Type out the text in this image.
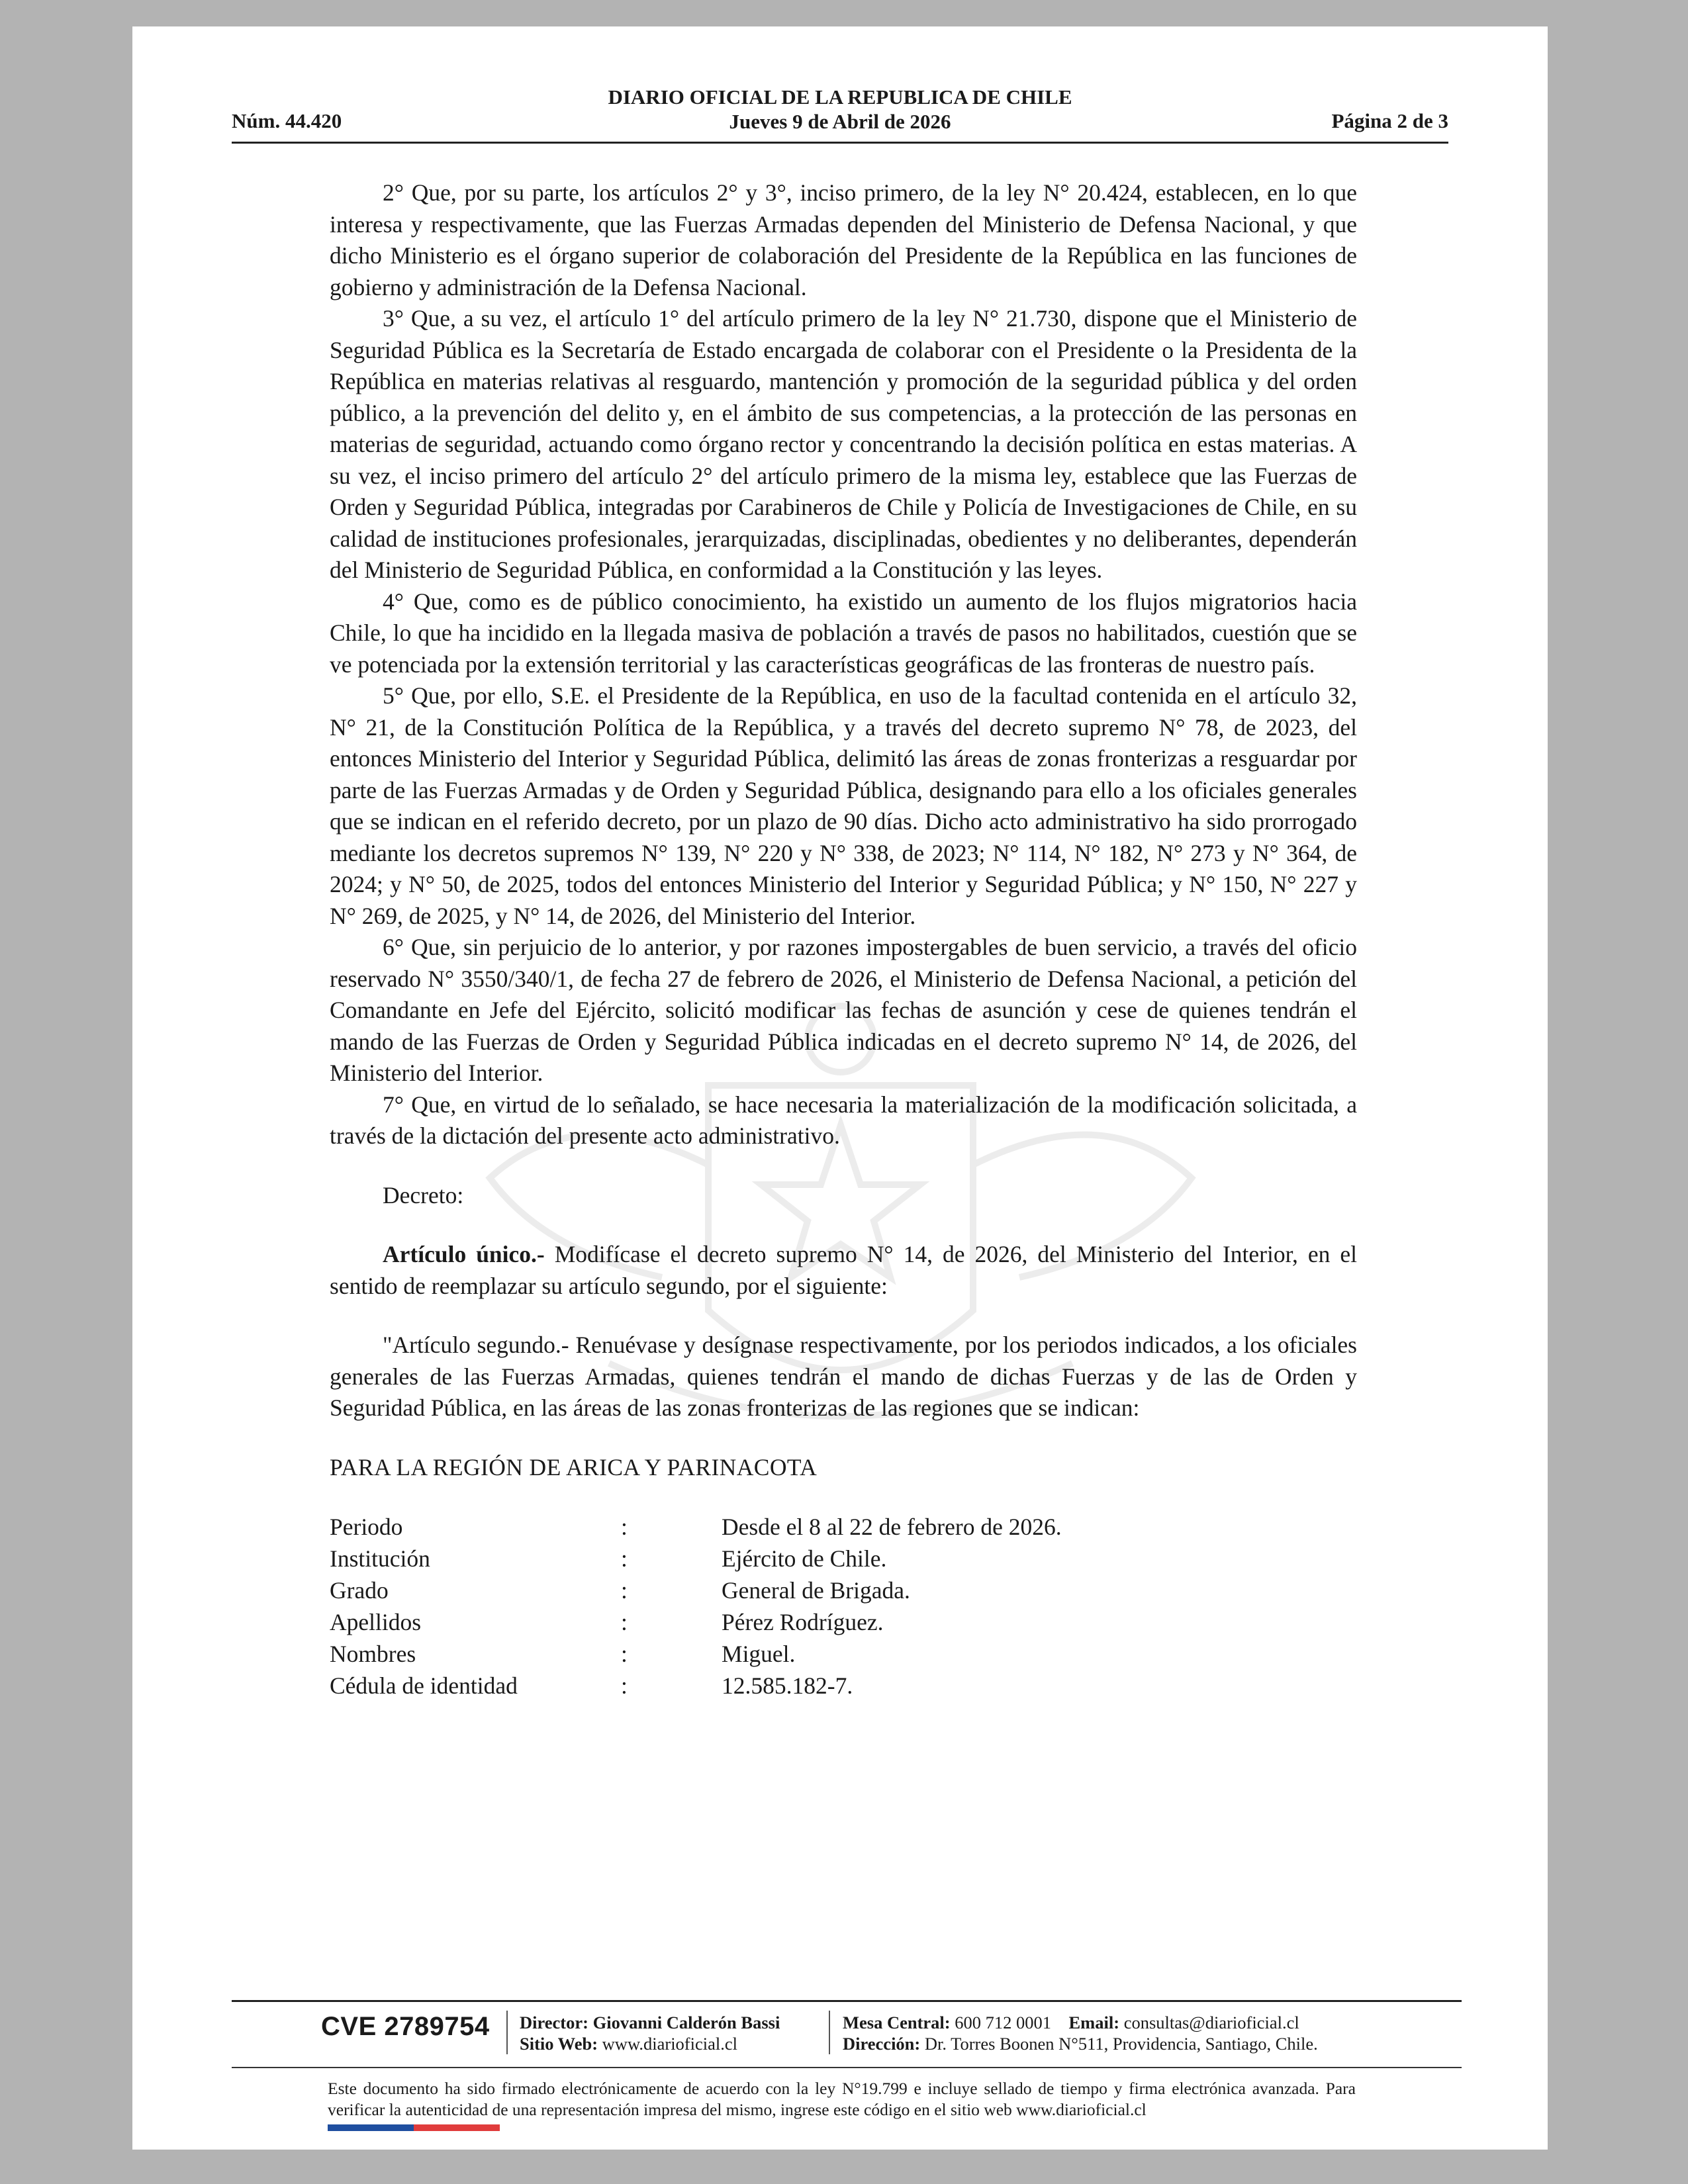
DIARIO OFICIAL DE LA REPUBLICA DE CHILE
Jueves 9 de Abril de 2026
Núm. 44.420	Página 2 de 3

2° Que, por su parte, los artículos 2° y 3°, inciso primero, de la ley N° 20.424, establecen, en lo que interesa y respectivamente, que las Fuerzas Armadas dependen del Ministerio de Defensa Nacional, y que dicho Ministerio es el órgano superior de colaboración del Presidente de la República en las funciones de gobierno y administración de la Defensa Nacional.

3° Que, a su vez, el artículo 1° del artículo primero de la ley N° 21.730, dispone que el Ministerio de Seguridad Pública es la Secretaría de Estado encargada de colaborar con el Presidente o la Presidenta de la República en materias relativas al resguardo, mantención y promoción de la seguridad pública y del orden público, a la prevención del delito y, en el ámbito de sus competencias, a la protección de las personas en materias de seguridad, actuando como órgano rector y concentrando la decisión política en estas materias. A su vez, el inciso primero del artículo 2° del artículo primero de la misma ley, establece que las Fuerzas de Orden y Seguridad Pública, integradas por Carabineros de Chile y Policía de Investigaciones de Chile, en su calidad de instituciones profesionales, jerarquizadas, disciplinadas, obedientes y no deliberantes, dependerán del Ministerio de Seguridad Pública, en conformidad a la Constitución y las leyes.

4° Que, como es de público conocimiento, ha existido un aumento de los flujos migratorios hacia Chile, lo que ha incidido en la llegada masiva de población a través de pasos no habilitados, cuestión que se ve potenciada por la extensión territorial y las características geográficas de las fronteras de nuestro país.

5° Que, por ello, S.E. el Presidente de la República, en uso de la facultad contenida en el artículo 32, N° 21, de la Constitución Política de la República, y a través del decreto supremo N° 78, de 2023, del entonces Ministerio del Interior y Seguridad Pública, delimitó las áreas de zonas fronterizas a resguardar por parte de las Fuerzas Armadas y de Orden y Seguridad Pública, designando para ello a los oficiales generales que se indican en el referido decreto, por un plazo de 90 días. Dicho acto administrativo ha sido prorrogado mediante los decretos supremos N° 139, N° 220 y N° 338, de 2023; N° 114, N° 182, N° 273 y N° 364, de 2024; y N° 50, de 2025, todos del entonces Ministerio del Interior y Seguridad Pública; y N° 150, N° 227 y N° 269, de 2025, y N° 14, de 2026, del Ministerio del Interior.

6° Que, sin perjuicio de lo anterior, y por razones impostergables de buen servicio, a través del oficio reservado N° 3550/340/1, de fecha 27 de febrero de 2026, el Ministerio de Defensa Nacional, a petición del Comandante en Jefe del Ejército, solicitó modificar las fechas de asunción y cese de quienes tendrán el mando de las Fuerzas de Orden y Seguridad Pública indicadas en el decreto supremo N° 14, de 2026, del Ministerio del Interior.

7° Que, en virtud de lo señalado, se hace necesaria la materialización de la modificación solicitada, a través de la dictación del presente acto administrativo.

Decreto:

Artículo único.- Modifícase el decreto supremo N° 14, de 2026, del Ministerio del Interior, en el sentido de reemplazar su artículo segundo, por el siguiente:

"Artículo segundo.- Renuévase y desígnase respectivamente, por los periodos indicados, a los oficiales generales de las Fuerzas Armadas, quienes tendrán el mando de dichas Fuerzas y de las de Orden y Seguridad Pública, en las áreas de las zonas fronterizas de las regiones que se indican:

PARA LA REGIÓN DE ARICA Y PARINACOTA

Periodo	:	Desde el 8 al 22 de febrero de 2026.
Institución	:	Ejército de Chile.
Grado	:	General de Brigada.
Apellidos	:	Pérez Rodríguez.
Nombres	:	Miguel.
Cédula de identidad	:	12.585.182-7.
CVE 2789754 Director: Giovanni Calderón Bassi
Sitio Web: www.diarioficial.cl
Mesa Central: 600 712 0001 Email: consultas@diarioficial.cl
Dirección: Dr. Torres Boonen N°511, Providencia, Santiago, Chile.
Este documento ha sido firmado electrónicamente de acuerdo con la ley N°19.799 e incluye sellado de tiempo y firma electrónica avanzada. Para verificar la autenticidad de una representación impresa del mismo, ingrese este código en el sitio web www.diarioficial.cl
